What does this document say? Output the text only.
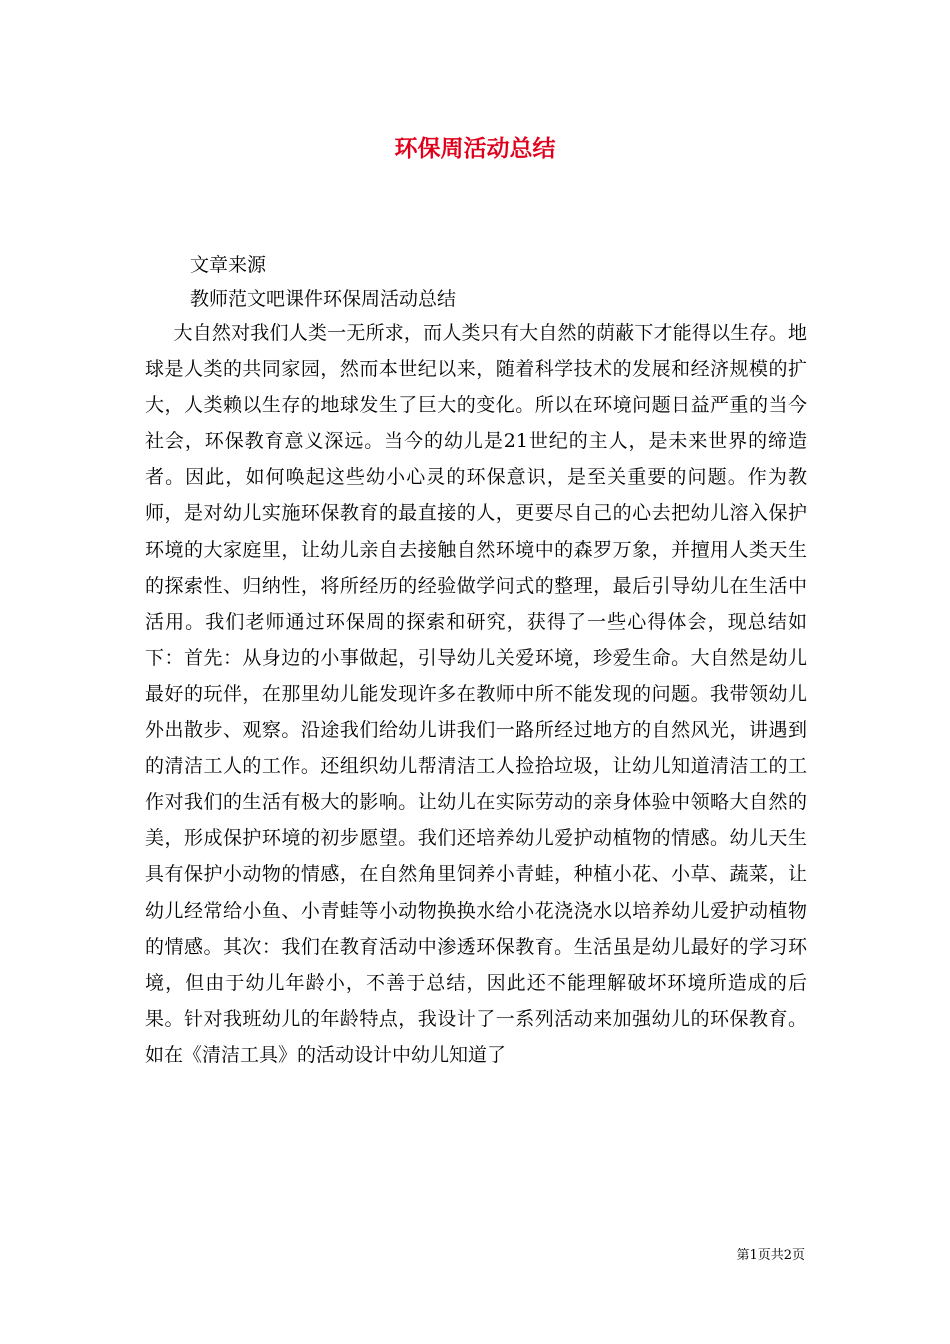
环保周活动总结

文章来源

教师范文吧课件环保周活动总结

大自然对我们人类一无所求，而人类只有大自然的荫蔽下才能得以生存。地球是人类的共同家园，然而本世纪以来，随着科学技术的发展和经济规模的扩大，人类赖以生存的地球发生了巨大的变化。所以在环境问题日益严重的当今社会，环保教育意义深远。当今的幼儿是21世纪的主人，是未来世界的缔造者。因此，如何唤起这些幼小心灵的环保意识，是至关重要的问题。作为教师，是对幼儿实施环保教育的最直接的人，更要尽自己的心去把幼儿溶入保护环境的大家庭里，让幼儿亲自去接触自然环境中的森罗万象，并擅用人类天生的探索性、归纳性，将所经历的经验做学问式的整理，最后引导幼儿在生活中活用。我们老师通过环保周的探索和研究，获得了一些心得体会，现总结如下：首先：从身边的小事做起，引导幼儿关爱环境，珍爱生命。大自然是幼儿最好的玩伴，在那里幼儿能发现许多在教师中所不能发现的问题。我带领幼儿外出散步、观察。沿途我们给幼儿讲我们一路所经过地方的自然风光，讲遇到的清洁工人的工作。还组织幼儿帮清洁工人捡拾垃圾，让幼儿知道清洁工的工作对我们的生活有极大的影响。让幼儿在实际劳动的亲身体验中领略大自然的美，形成保护环境的初步愿望。我们还培养幼儿爱护动植物的情感。幼儿天生具有保护小动物的情感，在自然角里饲养小青蛙，种植小花、小草、蔬菜，让幼儿经常给小鱼、小青蛙等小动物换换水给小花浇浇水以培养幼儿爱护动植物的情感。其次：我们在教育活动中渗透环保教育。生活虽是幼儿最好的学习环境，但由于幼儿年龄小，不善于总结，因此还不能理解破坏环境所造成的后果。针对我班幼儿的年龄特点，我设计了一系列活动来加强幼儿的环保教育。如在《清洁工具》的活动设计中幼儿知道了

第1页共2页
